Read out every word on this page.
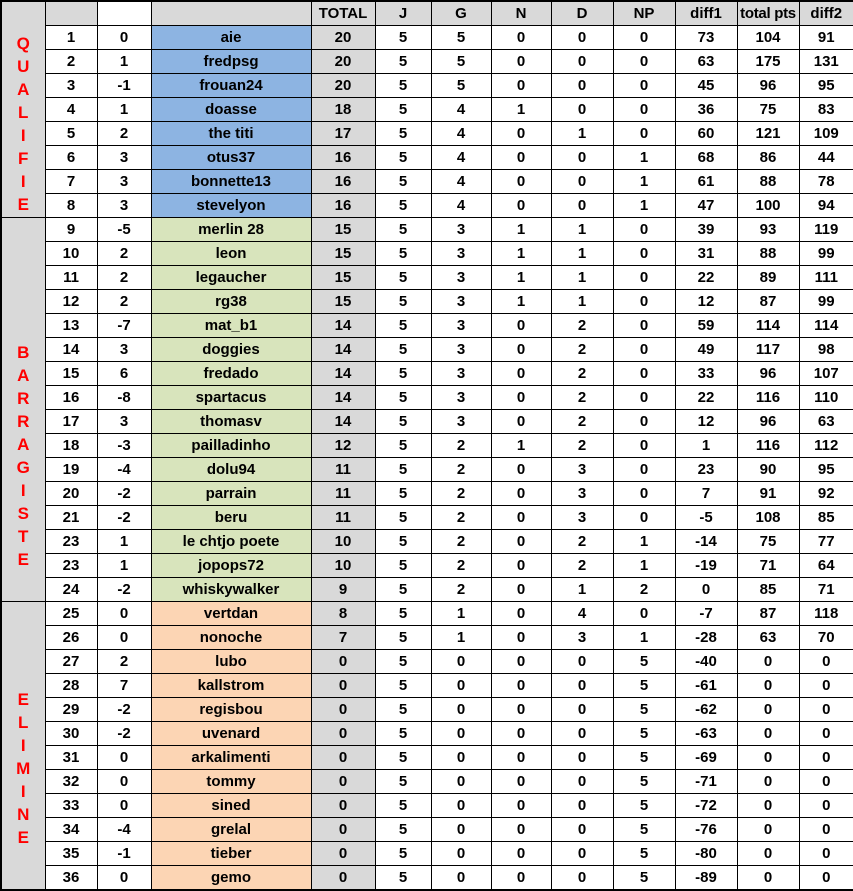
Q
U
A
L
I
F
I
E
				TOTAL	J	G	N	D	NP	diff1	total pts	diff2
	1	0	aie	20	5	5	0	0	0	73	104	91
	2	1	fredpsg	20	5	5	0	0	0	63	175	131
	3	-1	frouan24	20	5	5	0	0	0	45	96	95
	4	1	doasse	18	5	4	1	0	0	36	75	83
	5	2	the titi	17	5	4	0	1	0	60	121	109
	6	3	otus37	16	5	4	0	0	1	68	86	44
	7	3	bonnette13	16	5	4	0	0	1	61	88	78
	8	3	stevelyon	16	5	4	0	0	1	47	100	94

B
A
R
R
A
G
I
S
T
E
	9	-5	merlin 28	15	5	3	1	1	0	39	93	119
	10	2	leon	15	5	3	1	1	0	31	88	99
	11	2	legaucher	15	5	3	1	1	0	22	89	111
	12	2	rg38	15	5	3	1	1	0	12	87	99
	13	-7	mat_b1	14	5	3	0	2	0	59	114	114
	14	3	doggies	14	5	3	0	2	0	49	117	98
	15	6	fredado	14	5	3	0	2	0	33	96	107
	16	-8	spartacus	14	5	3	0	2	0	22	116	110
	17	3	thomasv	14	5	3	0	2	0	12	96	63
	18	-3	pailladinho	12	5	2	1	2	0	1	116	112
	19	-4	dolu94	11	5	2	0	3	0	23	90	95
	20	-2	parrain	11	5	2	0	3	0	7	91	92
	21	-2	beru	11	5	2	0	3	0	-5	108	85
	23	1	le chtjo poete	10	5	2	0	2	1	-14	75	77
	23	1	jopops72	10	5	2	0	2	1	-19	71	64
	24	-2	whiskywalker	9	5	2	0	1	2	0	85	71

E
L
I
M
I
N
E
	25	0	vertdan	8	5	1	0	4	0	-7	87	118
	26	0	nonoche	7	5	1	0	3	1	-28	63	70
	27	2	lubo	0	5	0	0	0	5	-40	0	0
	28	7	kallstrom	0	5	0	0	0	5	-61	0	0
	29	-2	regisbou	0	5	0	0	0	5	-62	0	0
	30	-2	uvenard	0	5	0	0	0	5	-63	0	0
	31	0	arkalimenti	0	5	0	0	0	5	-69	0	0
	32	0	tommy	0	5	0	0	0	5	-71	0	0
	33	0	sined	0	5	0	0	0	5	-72	0	0
	34	-4	grelal	0	5	0	0	0	5	-76	0	0
	35	-1	tieber	0	5	0	0	0	5	-80	0	0
	36	0	gemo	0	5	0	0	0	5	-89	0	0
